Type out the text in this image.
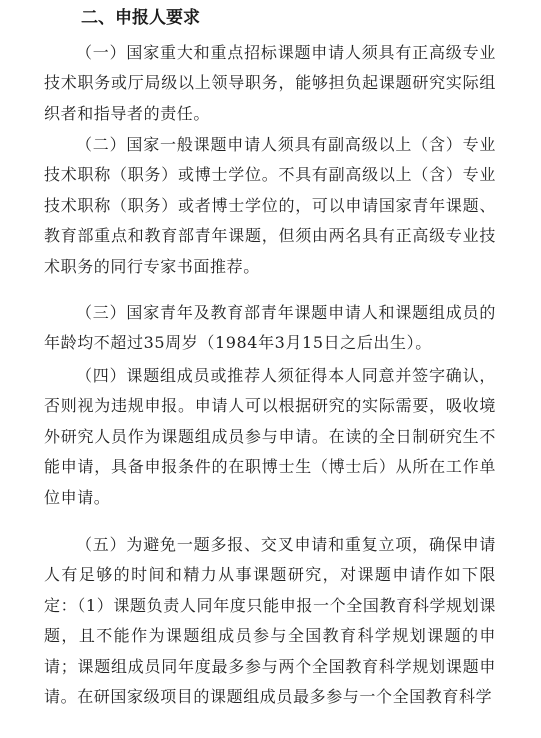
二、申报人要求

（一）国家重大和重点招标课题申请人须具有正高级专业技术职务或厅局级以上领导职务，能够担负起课题研究实际组织者和指导者的责任。

（二）国家一般课题申请人须具有副高级以上（含）专业技术职称（职务）或博士学位。不具有副高级以上（含）专业技术职称（职务）或者博士学位的，可以申请国家青年课题、教育部重点和教育部青年课题，但须由两名具有正高级专业技术职务的同行专家书面推荐。

（三）国家青年及教育部青年课题申请人和课题组成员的年龄均不超过35周岁（1984年3月15日之后出生）。

（四）课题组成员或推荐人须征得本人同意并签字确认，否则视为违规申报。申请人可以根据研究的实际需要，吸收境外研究人员作为课题组成员参与申请。在读的全日制研究生不能申请，具备申报条件的在职博士生（博士后）从所在工作单位申请。

（五）为避免一题多报、交叉申请和重复立项，确保申请人有足够的时间和精力从事课题研究，对课题申请作如下限定：（1）课题负责人同年度只能申报一个全国教育科学规划课题，且不能作为课题组成员参与全国教育科学规划课题的申请；课题组成员同年度最多参与两个全国教育科学规划课题申请。在研国家级项目的课题组成员最多参与一个全国教育科学
